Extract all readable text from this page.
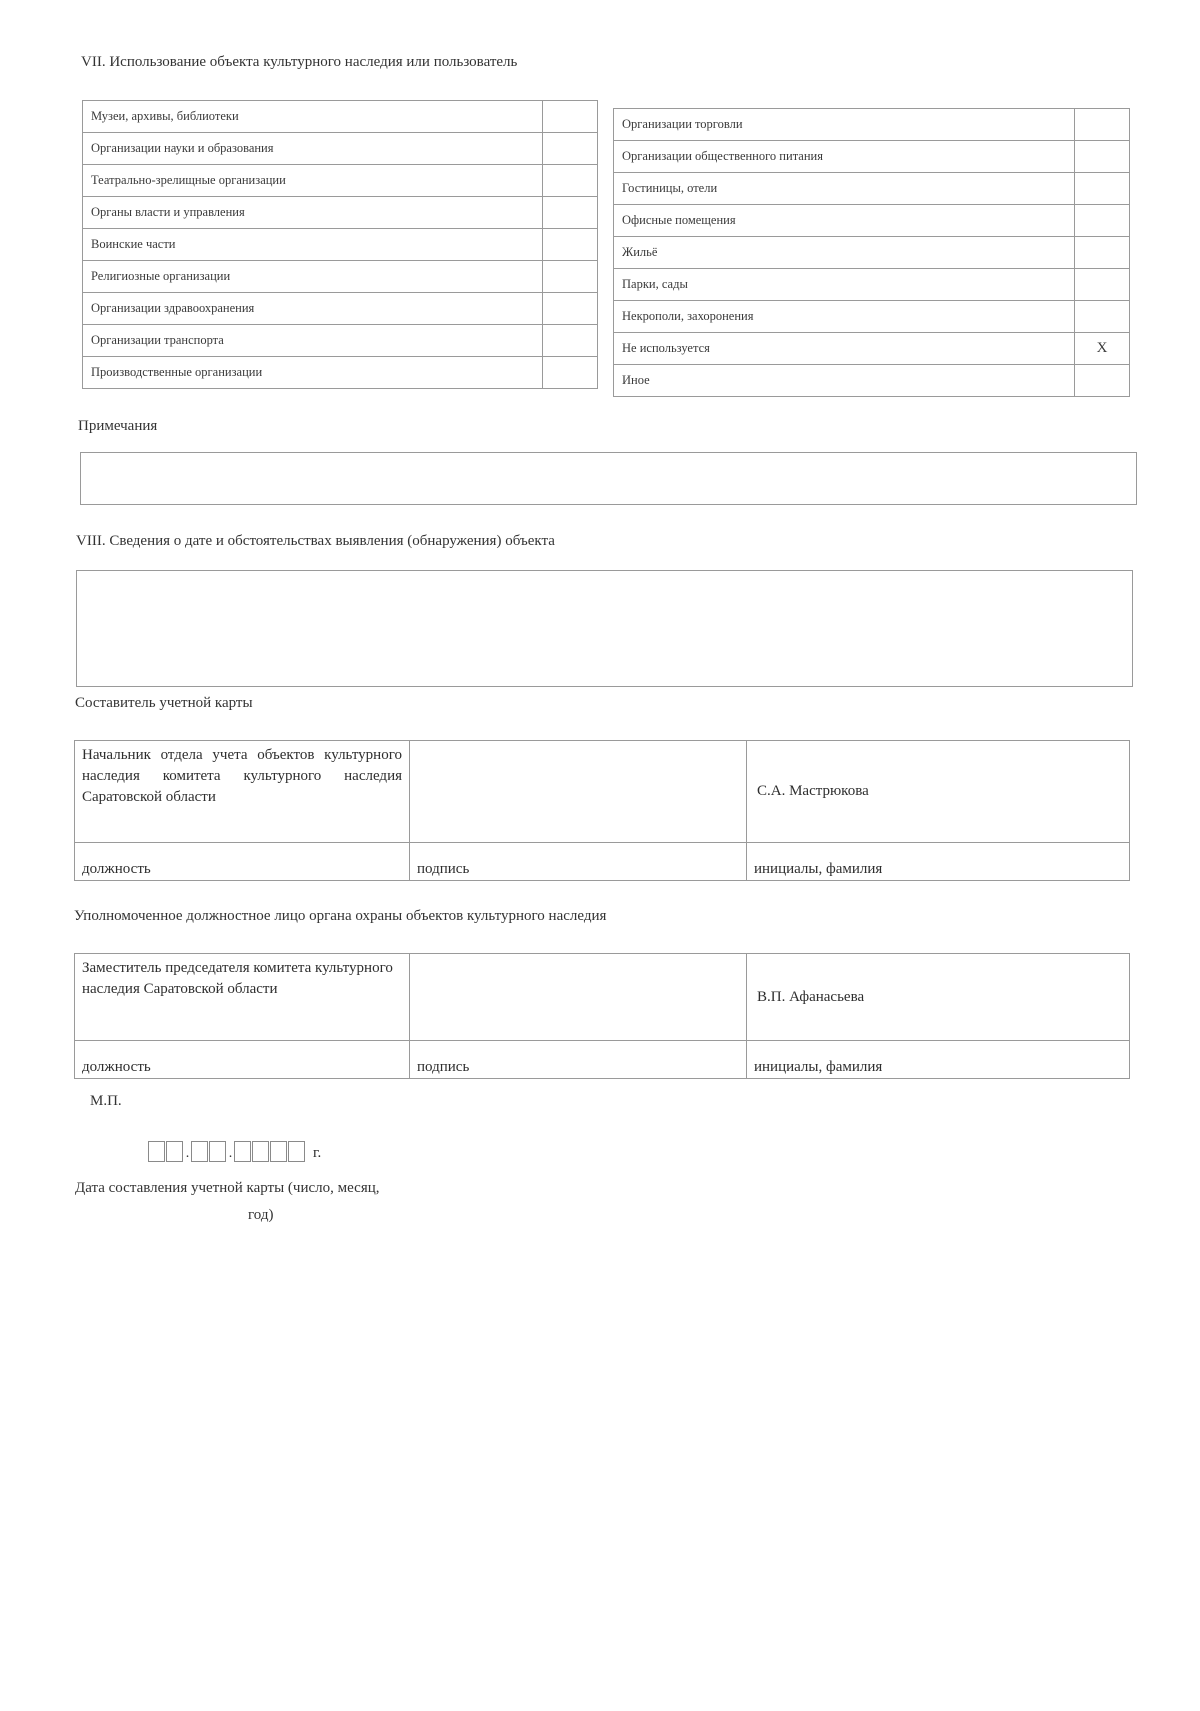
VII. Использование объекта культурного наследия или пользователь
Музеи, архивы, библиотеки	
Организации науки и образования	
Театрально-зрелищные организации	
Органы власти и управления	
Воинские части	
Религиозные организации	
Организации здравоохранения	
Организации транспорта	
Производственные организации	
Организации торговли	
Организации общественного питания	
Гостиницы, отели	
Офисные помещения	
Жильё	
Парки, сады	
Некрополи, захоронения	
Не используется	X
Иное	
Примечания
VIII. Сведения о дате и обстоятельствах выявления (обнаружения) объекта
Составитель учетной карты
Начальник отдела учета объектов культурного наследия комитета культурного наследия Саратовской области		С.А. Мастрюкова
должность	подпись	инициалы, фамилия
Уполномоченное должностное лицо органа охраны объектов культурного наследия
Заместитель председателя комитета культурного наследия Саратовской области		В.П. Афанасьева
должность	подпись	инициалы, фамилия
М.П.
.	.	г.
Дата составления учетной карты (число, месяц,
год)
